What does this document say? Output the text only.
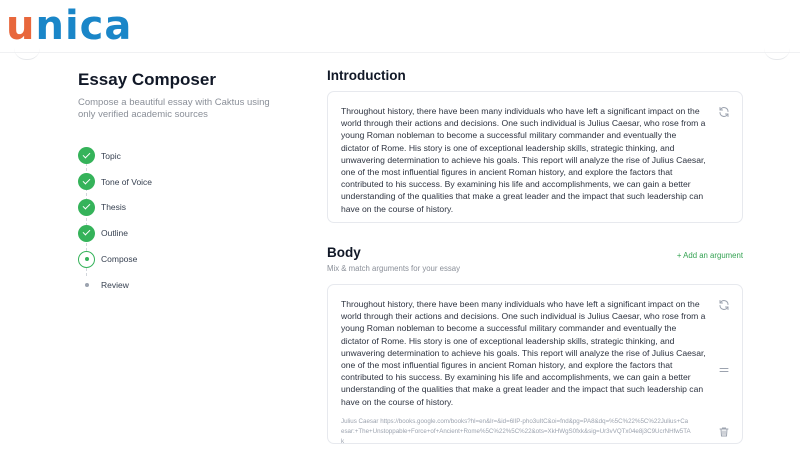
u nica
Essay Composer

Compose a beautiful essay with Caktus using only verified academic sources

Topic
Tone of Voice
Thesis
Outline
Compose
Review
Introduction

Throughout history, there have been many individuals who have left a significant impact on the world through their actions and decisions. One such individual is Julius Caesar, who rose from a young Roman nobleman to become a successful military commander and eventually the dictator of Rome. His story is one of exceptional leadership skills, strategic thinking, and unwavering determination to achieve his goals. This report will analyze the rise of Julius Caesar, one of the most influential figures in ancient Roman history, and explore the factors that contributed to his success. By examining his life and accomplishments, we can gain a better understanding of the qualities that make a great leader and the impact that such leadership can have on the course of history.

Body	+ Add an argument

Mix & match arguments for your essay

Throughout history, there have been many individuals who have left a significant impact on the world through their actions and decisions. One such individual is Julius Caesar, who rose from a young Roman nobleman to become a successful military commander and eventually the dictator of Rome. His story is one of exceptional leadership skills, strategic thinking, and unwavering determination to achieve his goals. This report will analyze the rise of Julius Caesar, one of the most influential figures in ancient Roman history, and explore the factors that contributed to his success. By examining his life and accomplishments, we can gain a better understanding of the qualities that make a great leader and the impact that such leadership can have on the course of history.

Julius Caesar https://books.google.com/books?hl=en&lr=&id=6lIP-pho3uItC&oi=fnd&pg=PA8&dq=%5C%22%5C%22Julius+Caesar:+The+Unstoppable+Force+of+Ancient+Rome%5C%22%5C%22&ots=XkHWgS0fxk&sig=Ur3vVQTx04e8j3C9UcrNHfw5TAk
